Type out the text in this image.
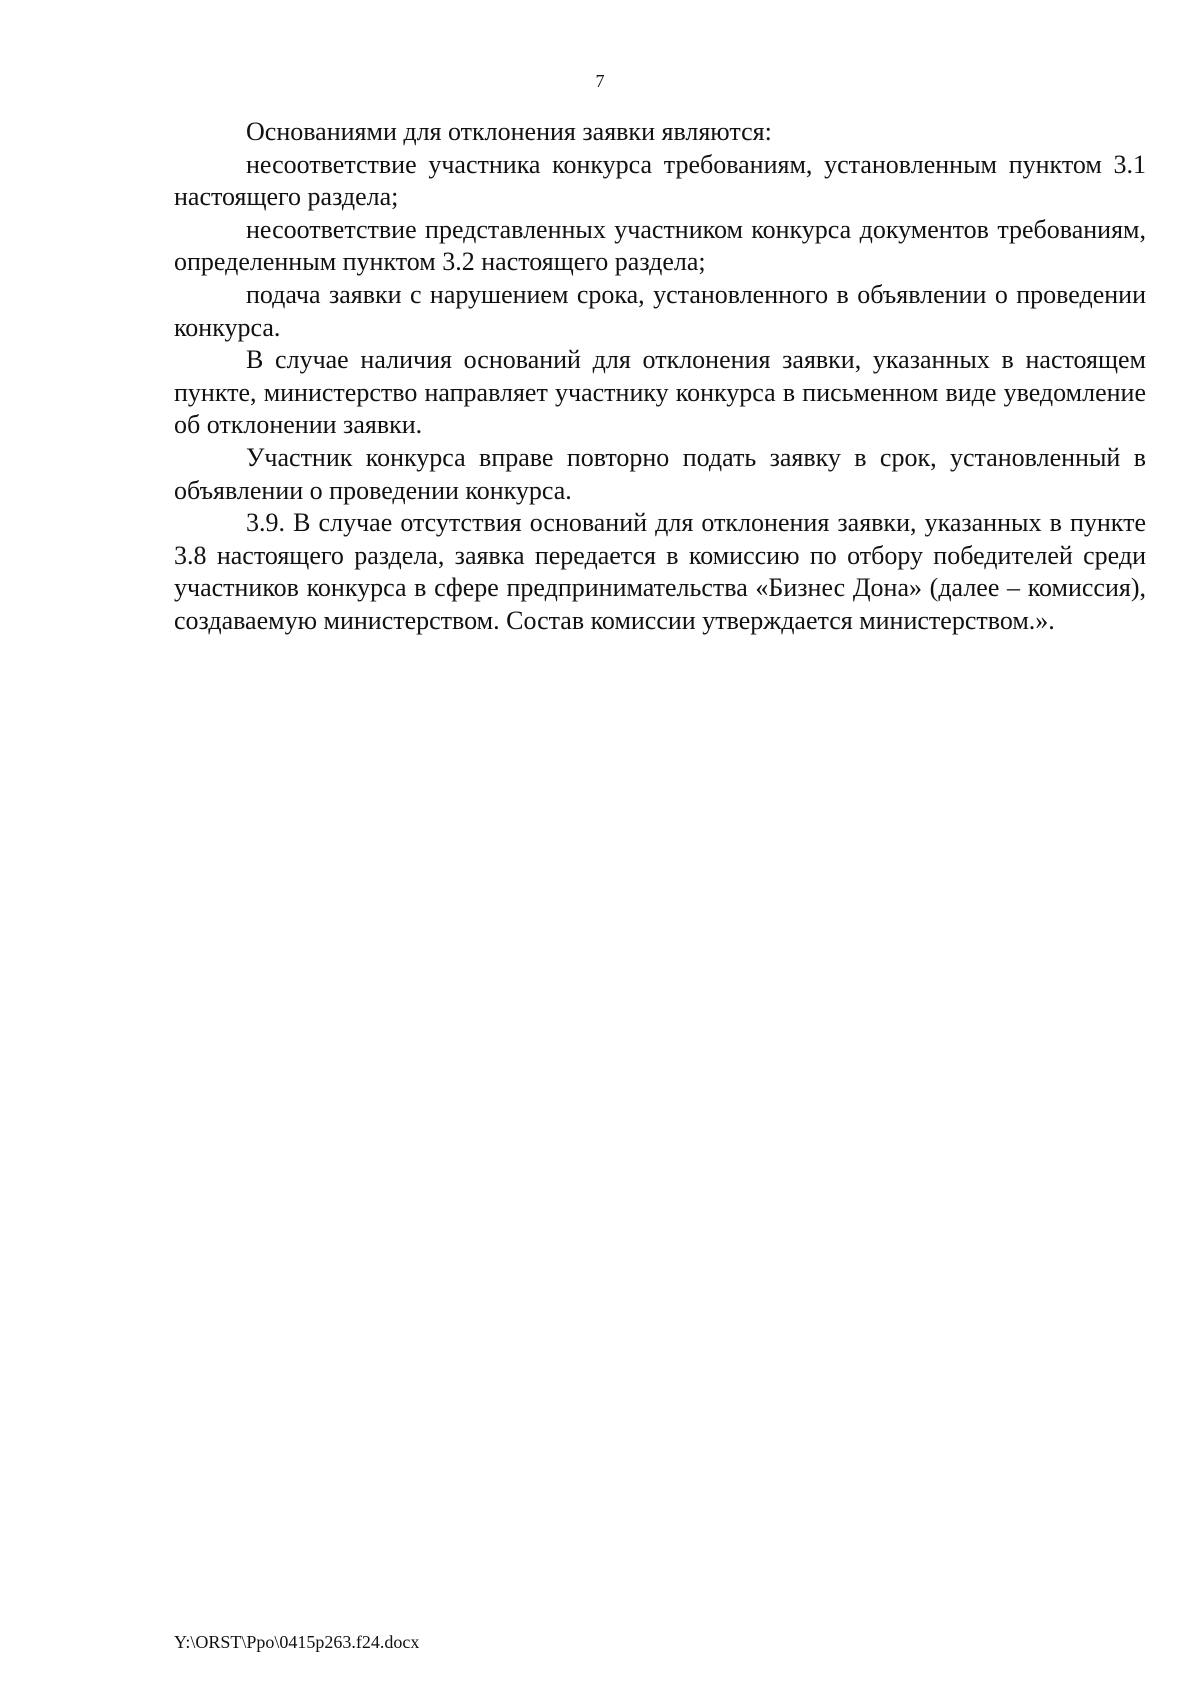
7

Основаниями для отклонения заявки являются:

несоответствие участника конкурса требованиям, установленным пунктом 3.1 настоящего раздела;

несоответствие представленных участником конкурса документов требованиям, определенным пунктом 3.2 настоящего раздела;

подача заявки с нарушением срока, установленного в объявлении о проведении конкурса.

В случае наличия оснований для отклонения заявки, указанных в настоящем пункте, министерство направляет участнику конкурса в письменном виде уведомление об отклонении заявки.

Участник конкурса вправе повторно подать заявку в срок, установленный в объявлении о проведении конкурса.

3.9. В случае отсутствия оснований для отклонения заявки, указанных в пункте 3.8 настоящего раздела, заявка передается в комиссию по отбору победителей среди участников конкурса в сфере предпринимательства «Бизнес Дона» (далее – комиссия), создаваемую министерством. Состав комиссии утверждается министерством.».

Y:\ORST\Ppo\0415p263.f24.docx
